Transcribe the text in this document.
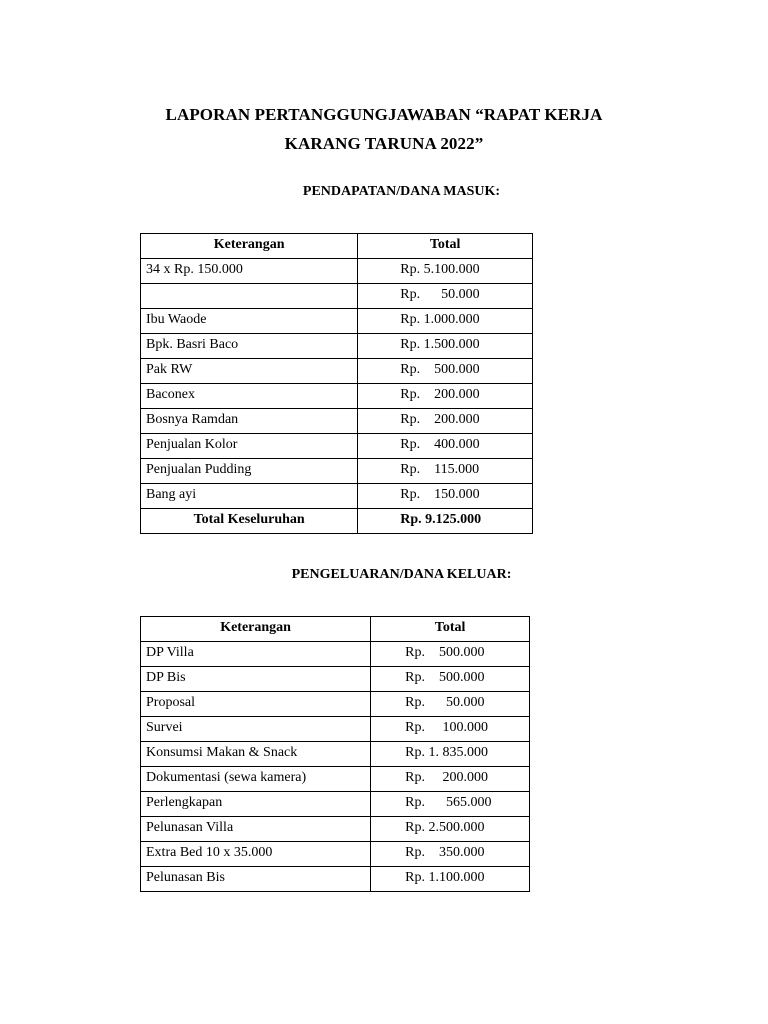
LAPORAN PERTANGGUNGJAWABAN “RAPAT KERJA
KARANG TARUNA 2022”
PENDAPATAN/DANA MASUK:
Keterangan	Total
34 x Rp. 150.000	Rp. 5.100.000
	Rp.      50.000
Ibu Waode	Rp. 1.000.000
Bpk. Basri Baco	Rp. 1.500.000
Pak RW	Rp.    500.000
Baconex	Rp.    200.000
Bosnya Ramdan	Rp.    200.000
Penjualan Kolor	Rp.    400.000
Penjualan Pudding	Rp.    115.000
Bang ayi	Rp.    150.000
Total Keseluruhan	Rp. 9.125.000
PENGELUARAN/DANA KELUAR:
Keterangan	Total
DP Villa	Rp.    500.000
DP Bis	Rp.    500.000
Proposal	Rp.      50.000
Survei	Rp.     100.000
Konsumsi Makan & Snack	Rp. 1. 835.000
Dokumentasi (sewa kamera)	Rp.     200.000
Perlengkapan	Rp.      565.000
Pelunasan Villa	Rp. 2.500.000
Extra Bed 10 x 35.000	Rp.    350.000
Pelunasan Bis	Rp. 1.100.000
